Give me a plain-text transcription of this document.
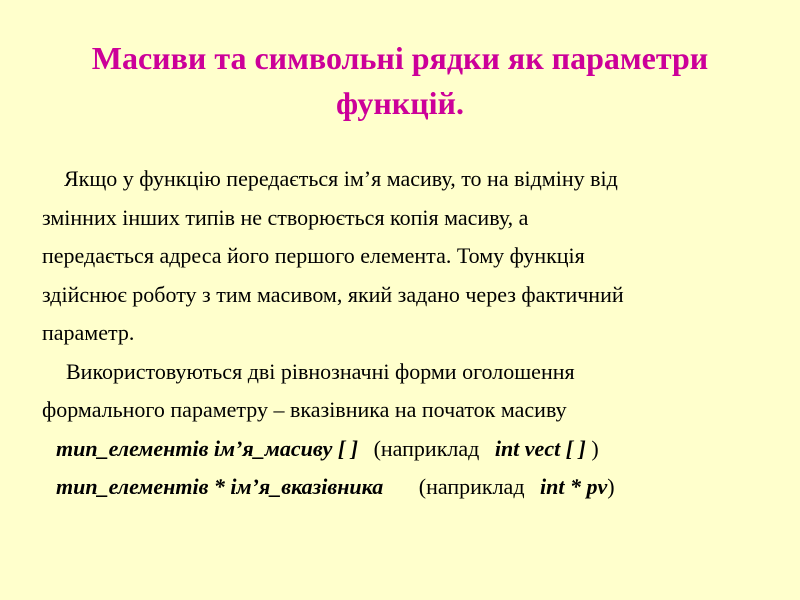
Масиви та символьні рядки як параметри
функцій.
Якщо у функцію передається ім’я масиву, то на відміну від
змінних інших типів не створюється копія масиву, а
передається адреса його першого елемента. Тому функція
здійснює роботу з тим масивом, який задано через фактичний
параметр.
Використовуються дві рівнозначні форми оголошення
формального параметру – вказівника на початок масиву
тип_елементів ім’я_масиву [ ] (наприклад int vect [ ] )
тип_елементів * ім’я_вказівника (наприклад int * pv)
